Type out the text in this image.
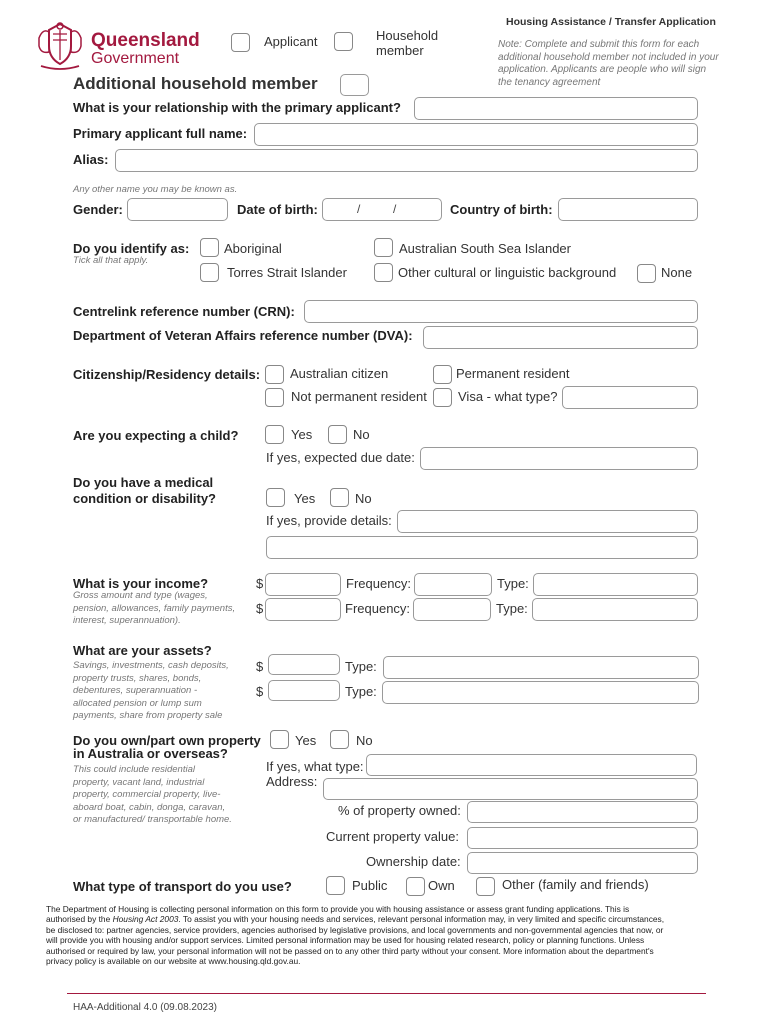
Queensland
Government
Applicant	Household
member
Housing Assistance / Transfer Application
Note: Complete and submit this form for each additional household member not included in your application. Applicants are people who will sign the tenancy agreement
Additional household member
What is your relationship with the primary applicant?
Primary applicant full name:
Alias:
Any other name you may be known as.
Gender:	Date of birth:	/	/	Country of birth:
Do you identify as:
Tick all that apply.
Aboriginal	Australian South Sea Islander
Torres Strait Islander	Other cultural or linguistic background	None
Centrelink reference number (CRN):
Department of Veteran Affairs reference number (DVA):
Citizenship/Residency details: Australian citizen	Permanent resident
Not permanent resident Visa - what type?
Are you expecting a child?	Yes	No
If yes, expected due date:
Do you have a medical
condition or disability?	Yes	No
If yes, provide details:
What is your income?
Gross amount and type (wages, pension, allowances, family payments, interest, superannuation).
$	Frequency:	Type:
$	Frequency:	Type:
What are your assets?
Savings, investments, cash deposits, property trusts, shares, bonds, debentures, superannuation - allocated pension or lump sum payments, share from property sale
$	Type:
$	Type:
Do you own/part own property
in Australia or overseas?
This could include residential property, vacant land, industrial property, commercial property, live-aboard boat, cabin, donga, caravan, or manufactured/ transportable home.
Yes	No
If yes, what type:
Address:
% of property owned:
Current property value:
Ownership date:
What type of transport do you use?	Public	Own	Other (family and friends)
The Department of Housing is collecting personal information on this form to provide you with housing assistance or assess grant funding applications. This is authorised by the Housing Act 2003. To assist you with your housing needs and services, relevant personal information may, in very limited and specific circumstances, be disclosed to: partner agencies, service providers, agencies authorised by legislative provisions, and local governments and non-governmental agencies that now, or will provide you with housing and/or support services. Limited personal information may be used for housing related research, policy or planning functions. Unless authorised or required by law, your personal information will not be passed on to any other third party without your consent. More information about the department's privacy policy is available on our website at www.housing.qld.gov.au.
HAA-Additional 4.0 (09.08.2023)
